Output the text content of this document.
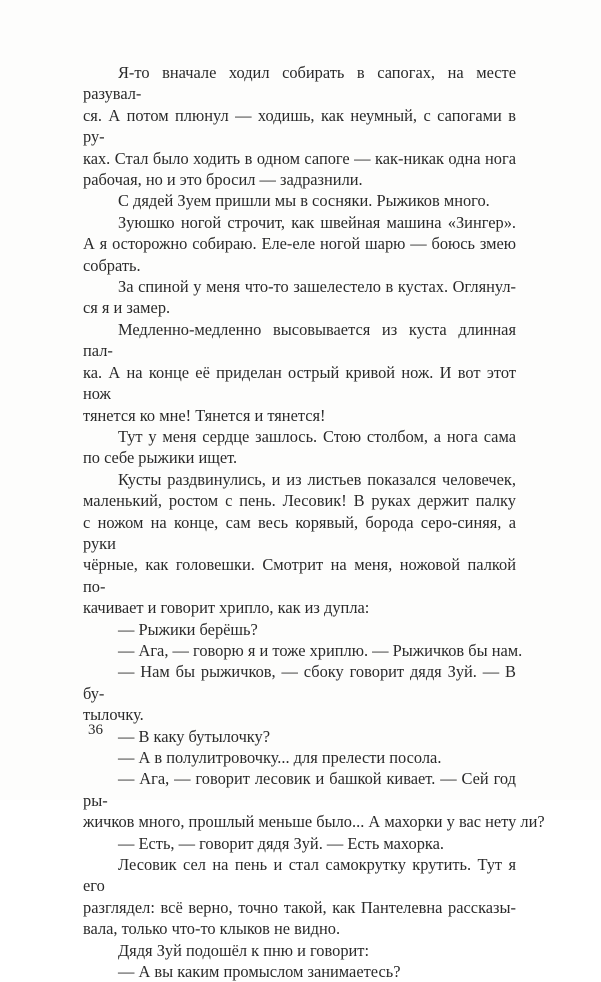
Я-то вначале ходил собирать в сапогах, на месте разувал-
ся. А потом плюнул — ходишь, как неумный, с сапогами в ру-
ках. Стал было ходить в одном сапоге — как-никак одна нога
рабочая, но и это бросил — задразнили.

С дядей Зуем пришли мы в сосняки. Рыжиков много.

Зуюшко ногой строчит, как швейная машина «Зингер».
А я осторожно собираю. Еле-еле ногой шарю — боюсь змею
собрать.

За спиной у меня что-то зашелестело в кустах. Оглянул-
ся я и замер.

Медленно-медленно высовывается из куста длинная пал-
ка. А на конце её приделан острый кривой нож. И вот этот нож
тянется ко мне! Тянется и тянется!

Тут у меня сердце зашлось. Стою столбом, а нога сама
по себе рыжики ищет.

Кусты раздвинулись, и из листьев показался человечек,
маленький, ростом с пень. Лесовик! В руках держит палку
с ножом на конце, сам весь корявый, борода серо-синяя, а руки
чёрные, как головешки. Смотрит на меня, ножовой палкой по-
качивает и говорит хрипло, как из дупла:

— Рыжики берёшь?

— Ага, — говорю я и тоже хриплю. — Рыжичков бы нам.

— Нам бы рыжичков, — сбоку говорит дядя Зуй. — В бу-
тылочку.

— В каку бутылочку?

— А в полулитровочку... для прелести посола.

— Ага, — говорит лесовик и башкой кивает. — Сей год ры-
жичков много, прошлый меньше было... А махорки у вас нету ли?

— Есть, — говорит дядя Зуй. — Есть махорка.

Лесовик сел на пень и стал самокрутку крутить. Тут я его
разглядел: всё верно, точно такой, как Пантелевна рассказы-
вала, только что-то клыков не видно.

Дядя Зуй подошёл к пню и говорит:

— А вы каким промыслом занимаетесь?

36
